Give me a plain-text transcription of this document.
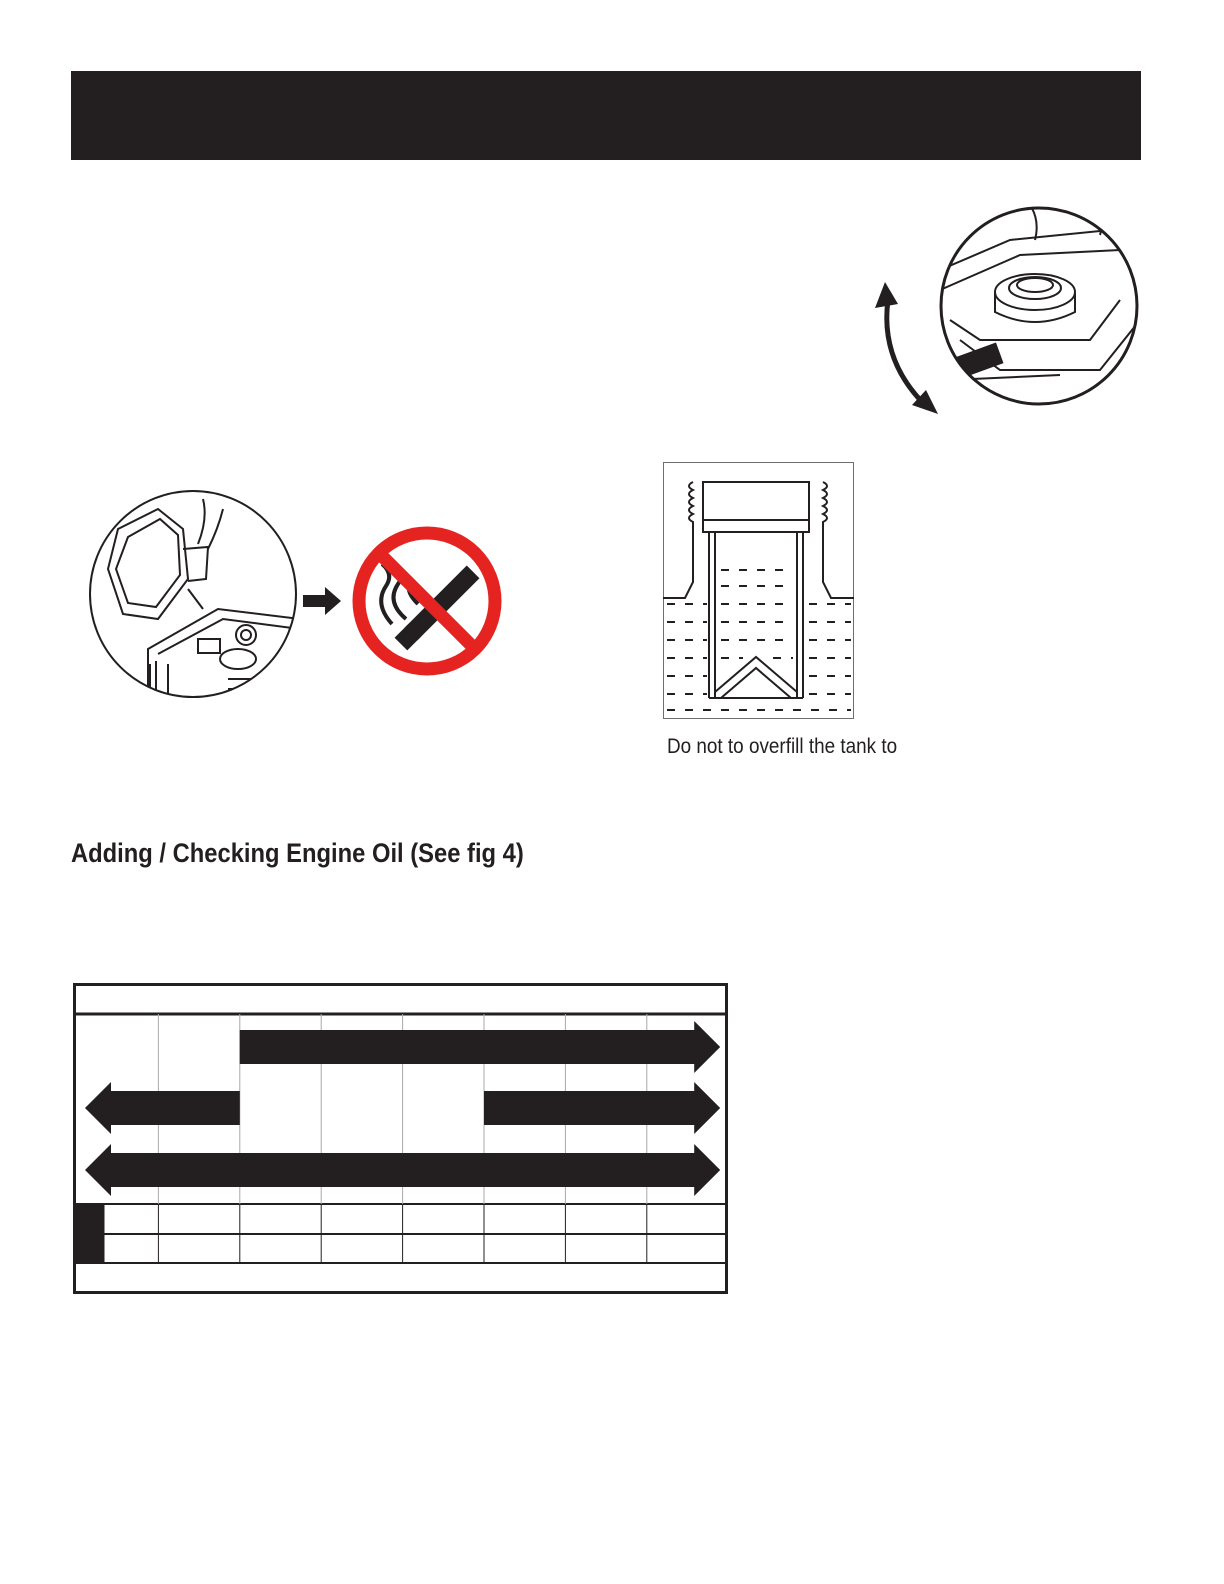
Do not to overfill the tank to
Adding / Checking Engine Oil (See fig 4)
